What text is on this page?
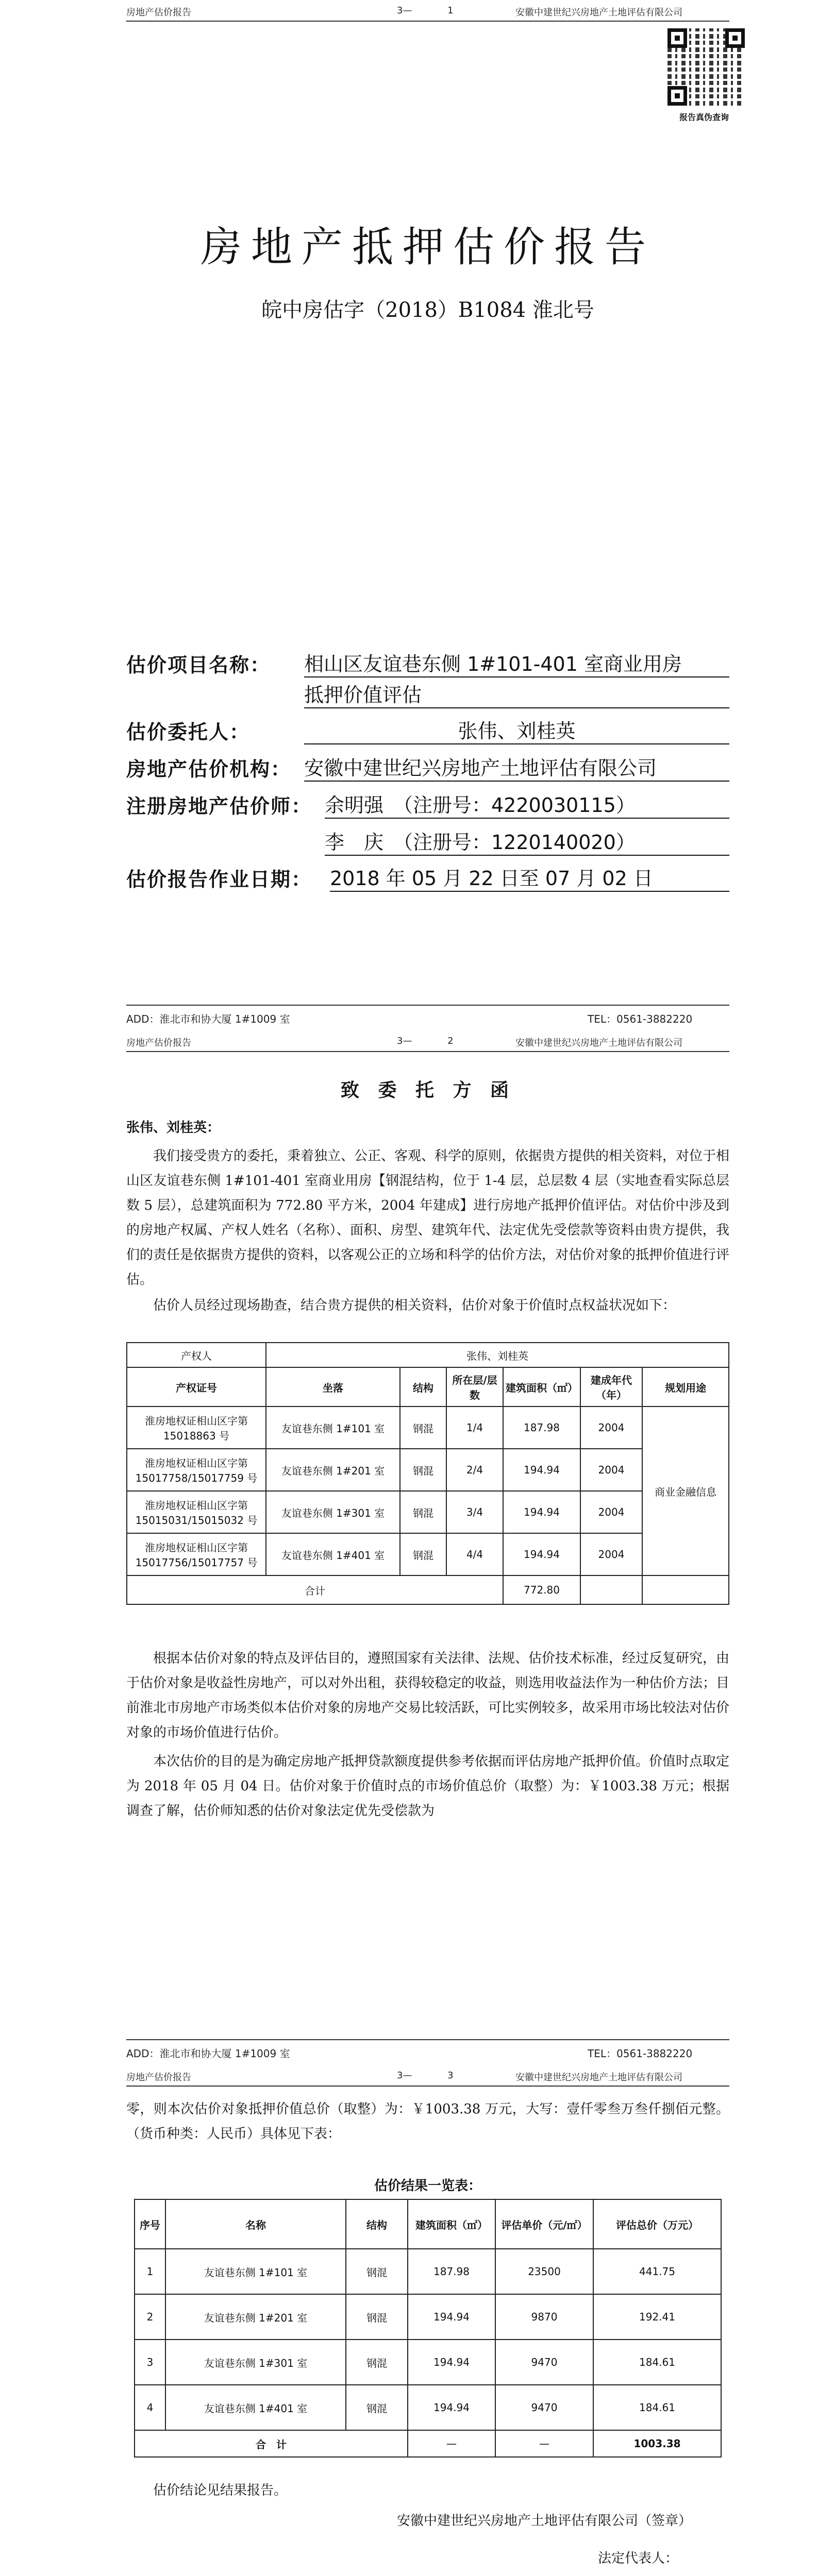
房地产估价报告	3—	1	安徽中建世纪兴房地产土地评估有限公司
报告真伪查询
房地产抵押估价报告
皖中房估字（2018）B1084 淮北号
估价项目名称： 相山区友谊巷东侧 1#101-401 室商业用房
抵押价值评估
估价委托人：	张伟、刘桂英
房地产估价机构： 安徽中建世纪兴房地产土地评估有限公司
注册房地产估价师： 余明强　（注册号：4220030115）
李　庆　（注册号：1220140020）
估价报告作业日期： 2018 年 05 月 22 日至 07 月 02 日
ADD：淮北市和协大厦 1#1009 室	TEL：0561-3882220
房地产估价报告	3—	2	安徽中建世纪兴房地产土地评估有限公司
致 委 托 方 函
张伟、刘桂英：
我们接受贵方的委托，秉着独立、公正、客观、科学的原则，依据贵方提供的相关资料，对位于相山区友谊巷东侧 1#101-401 室商业用房【钢混结构，位于 1-4 层，总层数 4 层（实地查看实际总层数 5 层），总建筑面积为 772.80 平方米，2004 年建成】进行房地产抵押价值评估。对估价中涉及到的房地产权属、产权人姓名（名称）、面积、房型、建筑年代、法定优先受偿款等资料由贵方提供，我们的责任是依据贵方提供的资料，以客观公正的立场和科学的估价方法，对估价对象的抵押价值进行评估。
估价人员经过现场勘查，结合贵方提供的相关资料，估价对象于价值时点权益状况如下：
产权人	张伟、刘桂英					
产权证号	坐落	结构	所在层/层数	建筑面积（㎡）	建成年代（年）	规划用途
淮房地权证相山区字第 15018863 号	友谊巷东侧 1#101 室	钢混	1/4	187.98	2004	商业金融信息
淮房地权证相山区字第 15017758/15017759 号	友谊巷东侧 1#201 室	钢混	2/4	194.94	2004	
淮房地权证相山区字第 15015031/15015032 号	友谊巷东侧 1#301 室	钢混	3/4	194.94	2004	
淮房地权证相山区字第 15017756/15017757 号	友谊巷东侧 1#401 室	钢混	4/4	194.94	2004	
合计				772.80		
根据本估价对象的特点及评估目的，遵照国家有关法律、法规、估价技术标准，经过反复研究，由于估价对象是收益性房地产，可以对外出租，获得较稳定的收益，则选用收益法作为一种估价方法；目前淮北市房地产市场类似本估价对象的房地产交易比较活跃，可比实例较多，故采用市场比较法对估价对象的市场价值进行估价。
本次估价的目的是为确定房地产抵押贷款额度提供参考依据而评估房地产抵押价值。价值时点取定为 2018 年 05 月 04 日。估价对象于价值时点的市场价值总价（取整）为：￥1003.38 万元；根据调查了解，估价师知悉的估价对象法定优先受偿款为
ADD：淮北市和协大厦 1#1009 室	TEL：0561-3882220
房地产估价报告	3—	3	安徽中建世纪兴房地产土地评估有限公司
零，则本次估价对象抵押价值总价（取整）为：￥1003.38 万元，大写：壹仟零叁万叁仟捌佰元整。（货币种类：人民币）具体见下表：
估价结果一览表：
序号	名称	结构	建筑面积（㎡）	评估单价（元/㎡）	评估总价（万元）
1	友谊巷东侧 1#101 室	钢混	187.98	23500	441.75
2	友谊巷东侧 1#201 室	钢混	194.94	9870	192.41
3	友谊巷东侧 1#301 室	钢混	194.94	9470	184.61
4	友谊巷东侧 1#401 室	钢混	194.94	9470	184.61
合　计			—	—	1003.38
估价结论见结果报告。
安徽中建世纪兴房地产土地评估有限公司（签章）
法定代表人：
